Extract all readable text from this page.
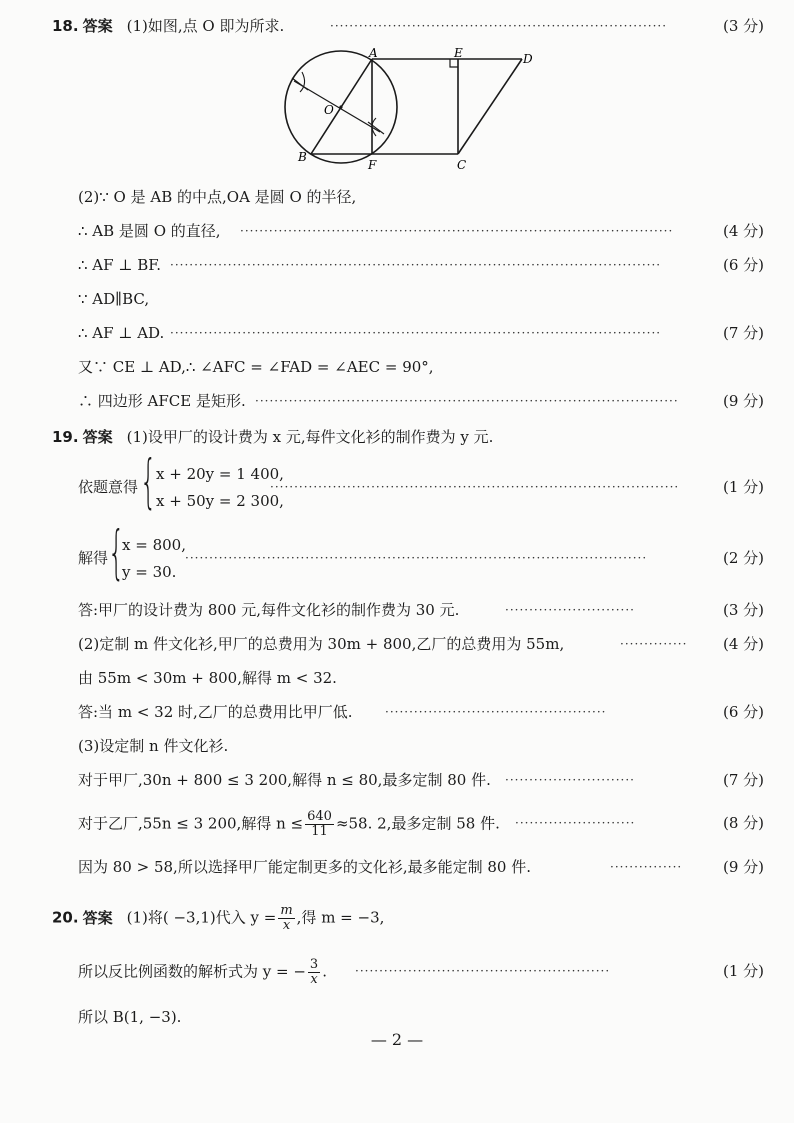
18. 答案 (1)如图,点 O 即为所求.	······································································	(3 分)
A	E	D
O
B
F	C
(2)∵ O 是 AB 的中点,OA 是圆 O 的半径,
∴ AB 是圆 O 的直径, ··························································································	(4 分)
∴ AF ⊥ BF. ······································································································	(6 分)
∵ AD∥BC,
∴ AF ⊥ AD. ······································································································	(7 分)
又∵ CE ⊥ AD,∴ ∠AFC = ∠FAD = ∠AEC = 90°,
∴ 四边形 AFCE 是矩形. ························································································	(9 分)
19. 答案 (1)设甲厂的设计费为 x 元,每件文化衫的制作费为 y 元.
依题意得 { x + 20y = 1 400,
x + 50y = 2 300,
·····················································································	(1 分)
解得 {
x = 800,
y = 30.
································································································	(2 分)
答:甲厂的设计费为 800 元,每件文化衫的制作费为 30 元.	···························	(3 分)
(2)定制 m 件文化衫,甲厂的总费用为 30m + 800,乙厂的总费用为 55m,	··············	(4 分)
由 55m < 30m + 800,解得 m < 32.
答:当 m < 32 时,乙厂的总费用比甲厂低.	··············································	(6 分)
(3)设定制 n 件文化衫.
对于甲厂,30n + 800 ≤ 3 200,解得 n ≤ 80,最多定制 80 件. ···························	(7 分)
对于乙厂,55n ≤ 3 200,解得 $n \le \frac{640}{11} \approx 58$. 2,最多定制 58 件. ·························	(8 分)
因为 80 > 58,所以选择甲厂能定制更多的文化衫,最多能定制 80 件.	···············	(9 分)
20. 答案 (1)将( −3,1)代入 $y = \frac{m}{x}$ ,得 m = −3,
所以反比例函数的解析式为 y = − $\frac{3}{x}$ . ·····················································	(1 分)
所以 B(1, −3).
— 2 —
